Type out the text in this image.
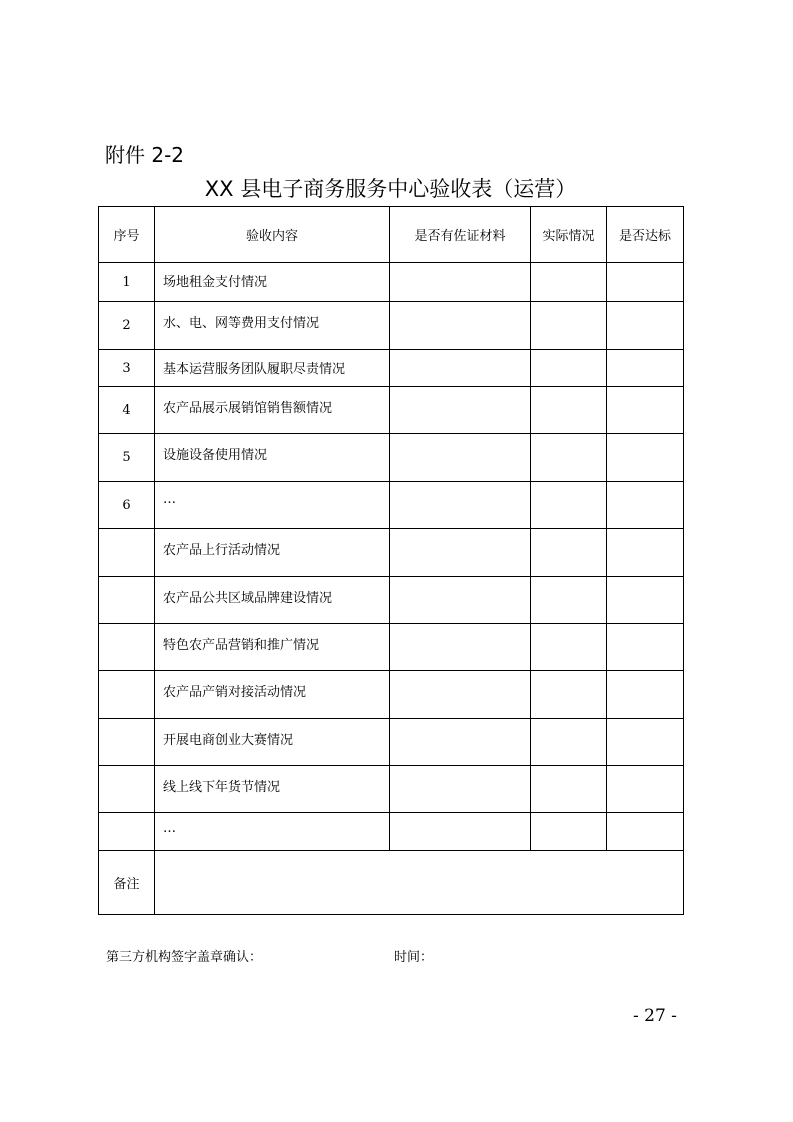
附件 2-2
XX 县电子商务服务中心验收表（运营）
序号	验收内容	是否有佐证材料	实际情况	是否达标
1	场地租金支付情况			
2	水、电、网等费用支付情况			
3	基本运营服务团队履职尽责情况			
4	农产品展示展销馆销售额情况			
5	设施设备使用情况			
6	…			
	农产品上行活动情况			
	农产品公共区域品牌建设情况			
	特色农产品营销和推广情况			
	农产品产销对接活动情况			
	开展电商创业大赛情况			
	线上线下年货节情况			
	…			
备注				
第三方机构签字盖章确认：	时间：
- 27 -
